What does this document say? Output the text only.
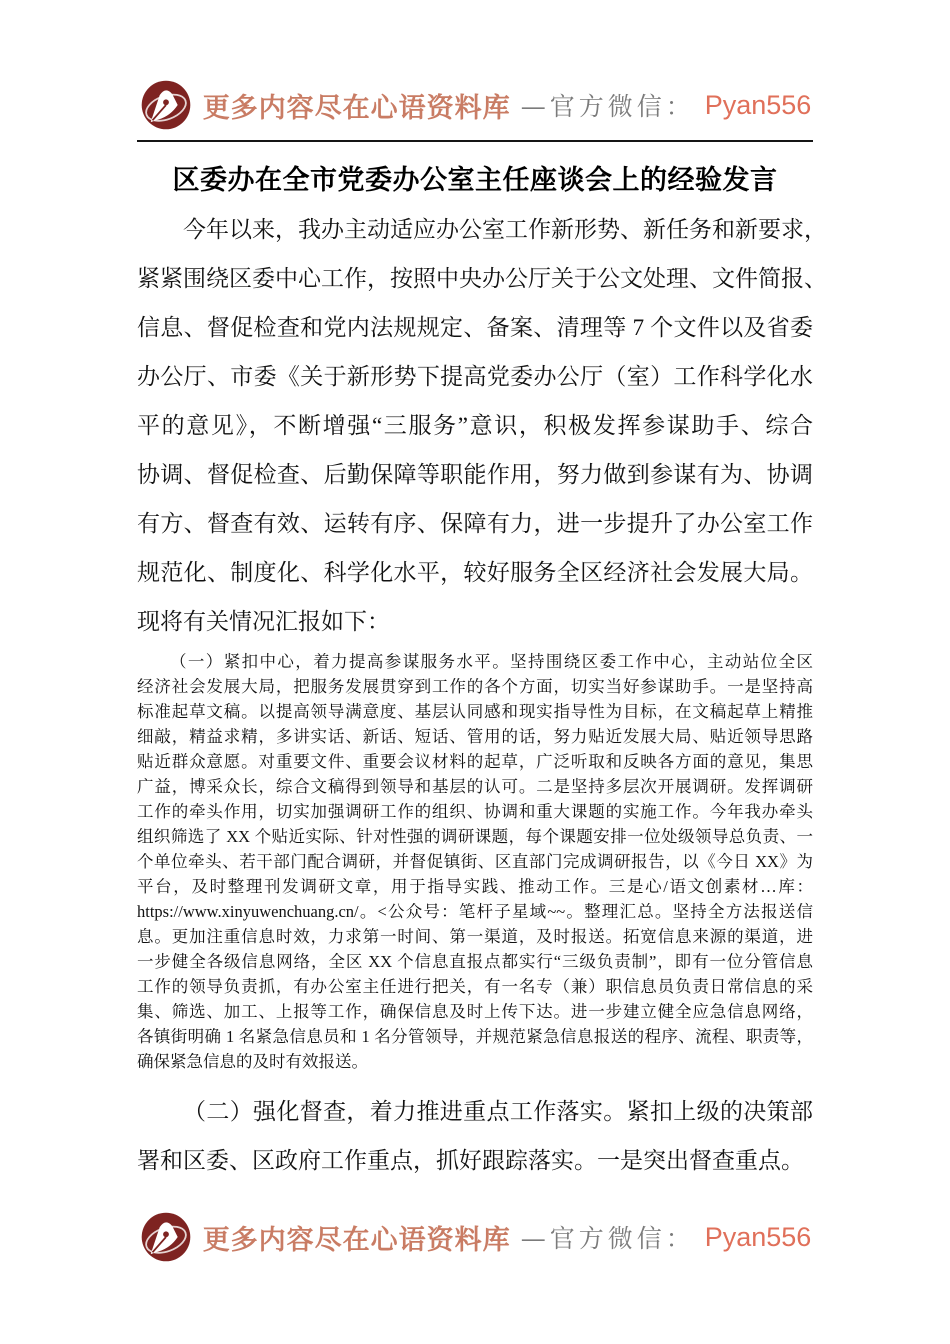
更多内容尽在心语资料库 —官方微信： Pyan556
区委办在全市党委办公室主任座谈会上的经验发言
今年以来，我办主动适应办公室工作新形势、新任务和新要求，
紧紧围绕区委中心工作，按照中央办公厅关于公文处理、文件简报、
信息、督促检查和党内法规规定、备案、清理等 7 个文件以及省委
办公厅、市委《关于新形势下提高党委办公厅（室）工作科学化水
平的意见》，不断增强“三服务”意识，积极发挥参谋助手、综合
协调、督促检查、后勤保障等职能作用，努力做到参谋有为、协调
有方、督查有效、运转有序、保障有力，进一步提升了办公室工作
规范化、制度化、科学化水平，较好服务全区经济社会发展大局。
现将有关情况汇报如下：
（一）紧扣中心，着力提高参谋服务水平。坚持围绕区委工作中心，主动站位全区
经济社会发展大局，把服务发展贯穿到工作的各个方面，切实当好参谋助手。一是坚持高
标准起草文稿。以提高领导满意度、基层认同感和现实指导性为目标，在文稿起草上精推
细敲，精益求精，多讲实话、新话、短话、管用的话，努力贴近发展大局、贴近领导思路
贴近群众意愿。对重要文件、重要会议材料的起草，广泛听取和反映各方面的意见，集思
广益，博采众长，综合文稿得到领导和基层的认可。二是坚持多层次开展调研。发挥调研
工作的牵头作用，切实加强调研工作的组织、协调和重大课题的实施工作。今年我办牵头
组织筛选了 XX 个贴近实际、针对性强的调研课题，每个课题安排一位处级领导总负责、一
个单位牵头、若干部门配合调研，并督促镇街、区直部门完成调研报告，以《今日 XX》为
平台，及时整理刊发调研文章，用于指导实践、推动工作。三是心/语文创素材…库：
https://www.xinyuwenchuang.cn/。<公众号：笔杆子星域~~。整理汇总。坚持全方法报送信
息。更加注重信息时效，力求第一时间、第一渠道，及时报送。拓宽信息来源的渠道，进
一步健全各级信息网络，全区 XX 个信息直报点都实行“三级负责制”，即有一位分管信息
工作的领导负责抓，有办公室主任进行把关，有一名专（兼）职信息员负责日常信息的采
集、筛选、加工、上报等工作，确保信息及时上传下达。进一步建立健全应急信息网络，
各镇街明确 1 名紧急信息员和 1 名分管领导，并规范紧急信息报送的程序、流程、职责等，
确保紧急信息的及时有效报送。
（二）强化督查，着力推进重点工作落实。紧扣上级的决策部
署和区委、区政府工作重点，抓好跟踪落实。一是突出督查重点。
更多内容尽在心语资料库 —官方微信： Pyan556
